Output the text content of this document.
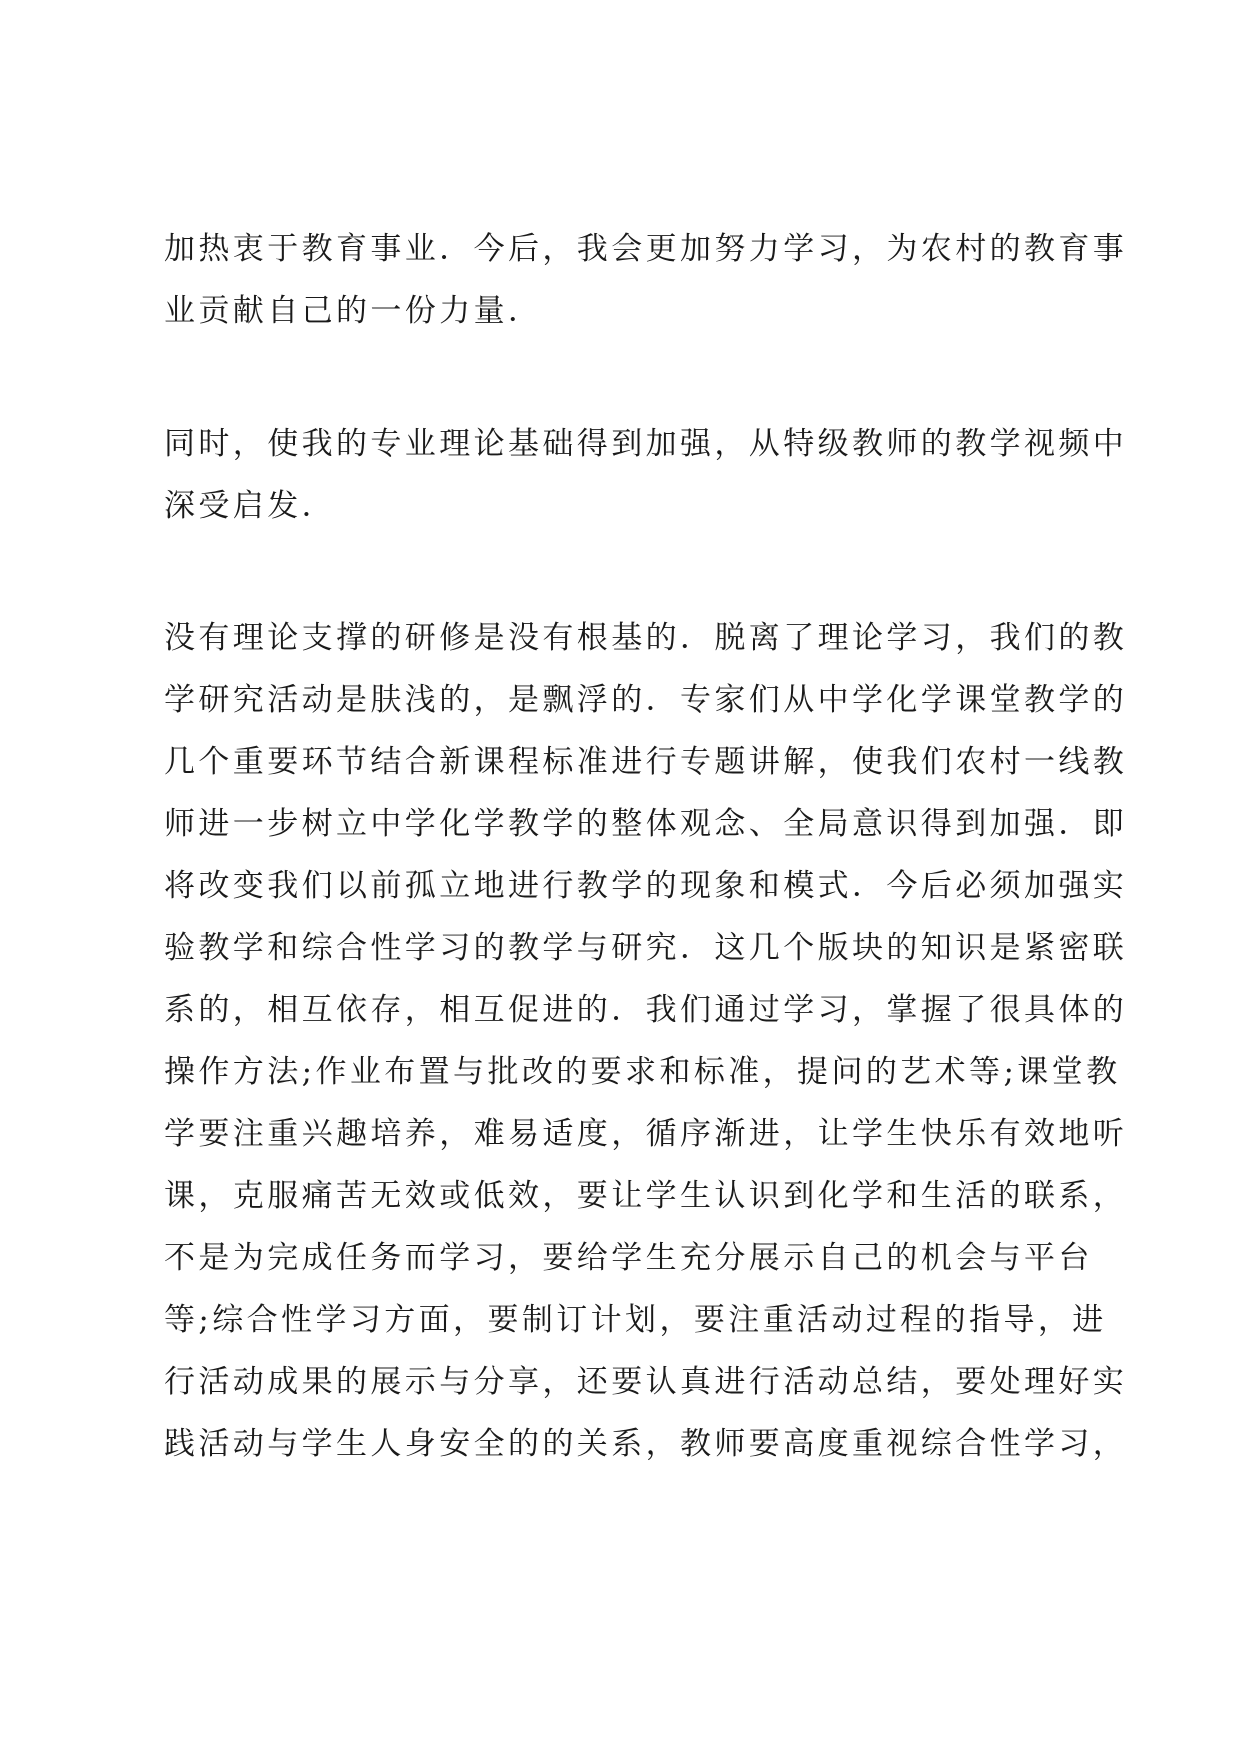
加热衷于教育事业．今后，我会更加努力学习，为农村的教育事
业贡献自己的一份力量．
同时，使我的专业理论基础得到加强，从特级教师的教学视频中
深受启发．
没有理论支撑的研修是没有根基的．脱离了理论学习，我们的教
学研究活动是肤浅的，是飘浮的．专家们从中学化学课堂教学的
几个重要环节结合新课程标准进行专题讲解，使我们农村一线教
师进一步树立中学化学教学的整体观念、全局意识得到加强．即
将改变我们以前孤立地进行教学的现象和模式．今后必须加强实
验教学和综合性学习的教学与研究．这几个版块的知识是紧密联
系的，相互依存，相互促进的．我们通过学习，掌握了很具体的
操作方法;作业布置与批改的要求和标准，提问的艺术等;课堂教
学要注重兴趣培养，难易适度，循序渐进，让学生快乐有效地听
课，克服痛苦无效或低效，要让学生认识到化学和生活的联系，
不是为完成任务而学习，要给学生充分展示自己的机会与平台
等;综合性学习方面，要制订计划，要注重活动过程的指导，进
行活动成果的展示与分享，还要认真进行活动总结，要处理好实
践活动与学生人身安全的的关系，教师要高度重视综合性学习，
